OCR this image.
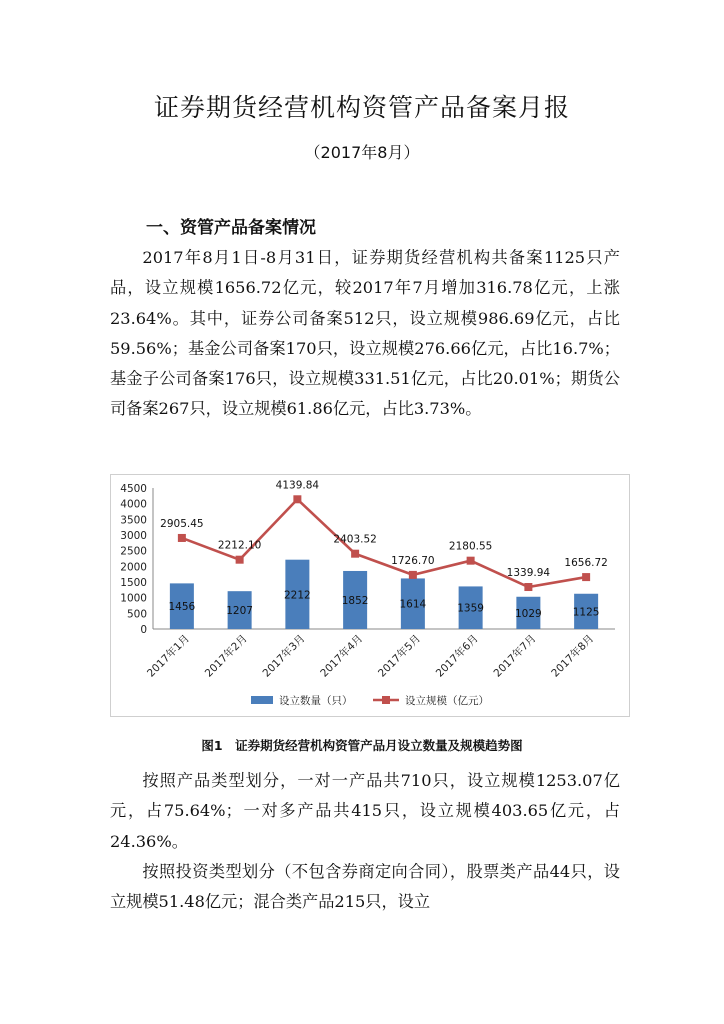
证券期货经营机构资管产品备案月报
（2017年8月）
一、资管产品备案情况

2017年8月1日-8月31日，证券期货经营机构共备案1125只产品，设立规模1656.72亿元，较2017年7月增加316.78亿元，上涨23.64%。其中，证券公司备案512只，设立规模986.69亿元，占比59.56%；基金公司备案170只，设立规模276.66亿元，占比16.7%；基金子公司备案176只，设立规模331.51亿元，占比20.01%；期货公司备案267只，设立规模61.86亿元，占比3.73%。

0
500
1000
1500
2000
2500
3000
3500
4000
4500
1456	1207
2212	1852	1614	1359	1029	1125
2905.45
2212.10
4139.84
2403.52
1726.70
2180.55
1339.94
1656.72
2017年1月 2017年2月 2017年3月 2017年4月 2017年5月 2017年6月 2017年7月 2017年8月
设立数量（只）	设立规模（亿元）
图1　证券期货经营机构资管产品月设立数量及规模趋势图

按照产品类型划分，一对一产品共710只，设立规模1253.07亿元，占75.64%；一对多产品共415只，设立规模403.65亿元，占24.36%。

按照投资类型划分（不包含券商定向合同），股票类产品44只，设立规模51.48亿元；混合类产品215只，设立
